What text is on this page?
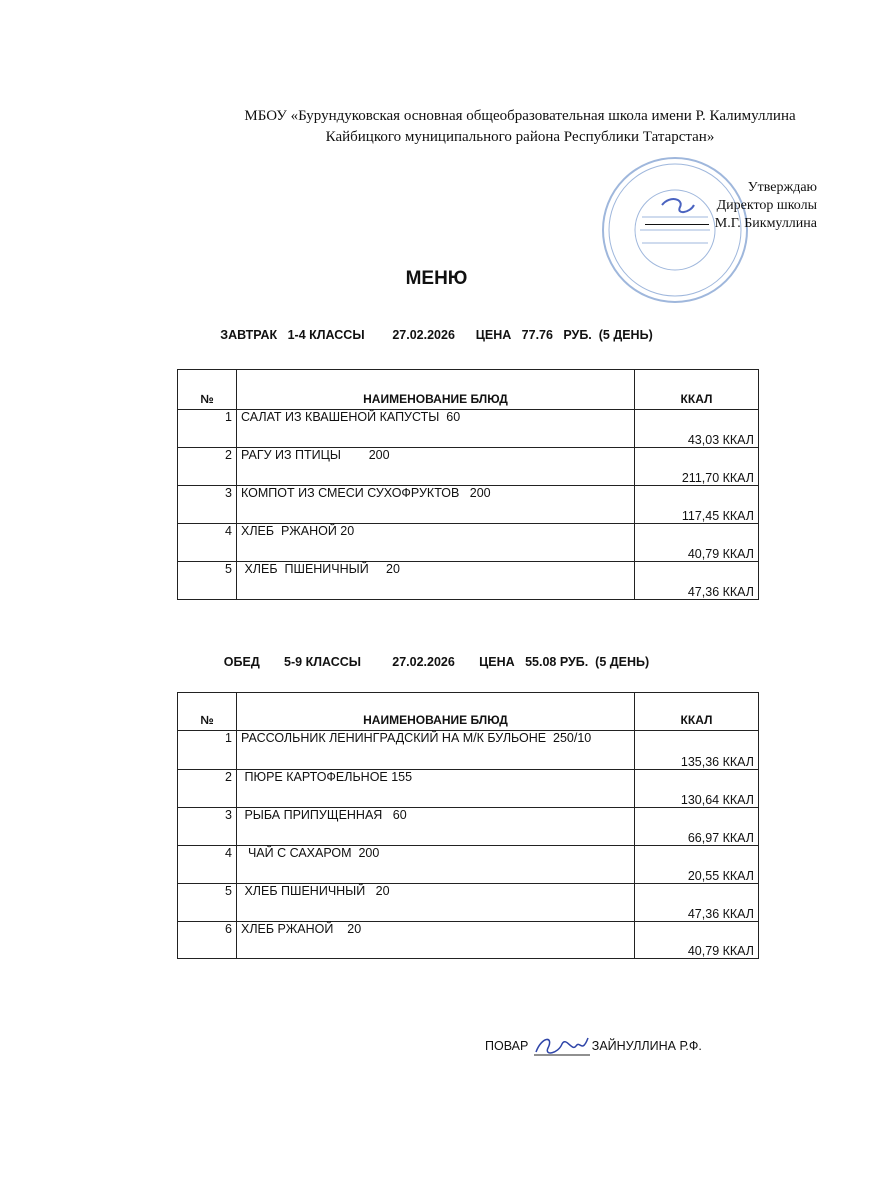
МБОУ «Бурундуковская основная общеобразовательная школа имени Р. Калимуллина
Кайбицкого муниципального района Республики Татарстан»
Утверждаю
Директор школы
М.Г. Бикмуллина
МЕНЮ
ЗАВТРАК   1-4 КЛАССЫ        27.02.2026      ЦЕНА   77.76   РУБ.  (5 ДЕНЬ)
№	НАИМЕНОВАНИЕ БЛЮД	ККАЛ
1	САЛАТ ИЗ КВАШЕНОЙ КАПУСТЫ  60	43,03 ККАЛ
2	РАГУ ИЗ ПТИЦЫ        200	211,70 ККАЛ
3	КОМПОТ ИЗ СМЕСИ СУХОФРУКТОВ   200	117,45 ККАЛ
4	ХЛЕБ  РЖАНОЙ 20	40,79 ККАЛ
5	ХЛЕБ  ПШЕНИЧНЫЙ     20	47,36 ККАЛ
ОБЕД       5-9 КЛАССЫ         27.02.2026       ЦЕНА   55.08 РУБ.  (5 ДЕНЬ)
№	НАИМЕНОВАНИЕ БЛЮД	ККАЛ
1	РАССОЛЬНИК ЛЕНИНГРАДСКИЙ НА М/К БУЛЬОНЕ  250/10	135,36 ККАЛ
2	ПЮРЕ КАРТОФЕЛЬНОЕ 155	130,64 ККАЛ
3	РЫБА ПРИПУЩЕННАЯ   60	66,97 ККАЛ
4	ЧАЙ С САХАРОМ  200	20,55 ККАЛ
5	ХЛЕБ ПШЕНИЧНЫЙ   20	47,36 ККАЛ
6	ХЛЕБ РЖАНОЙ    20	40,79 ККАЛ
ПОВАР	ЗАЙНУЛЛИНА Р.Ф.
